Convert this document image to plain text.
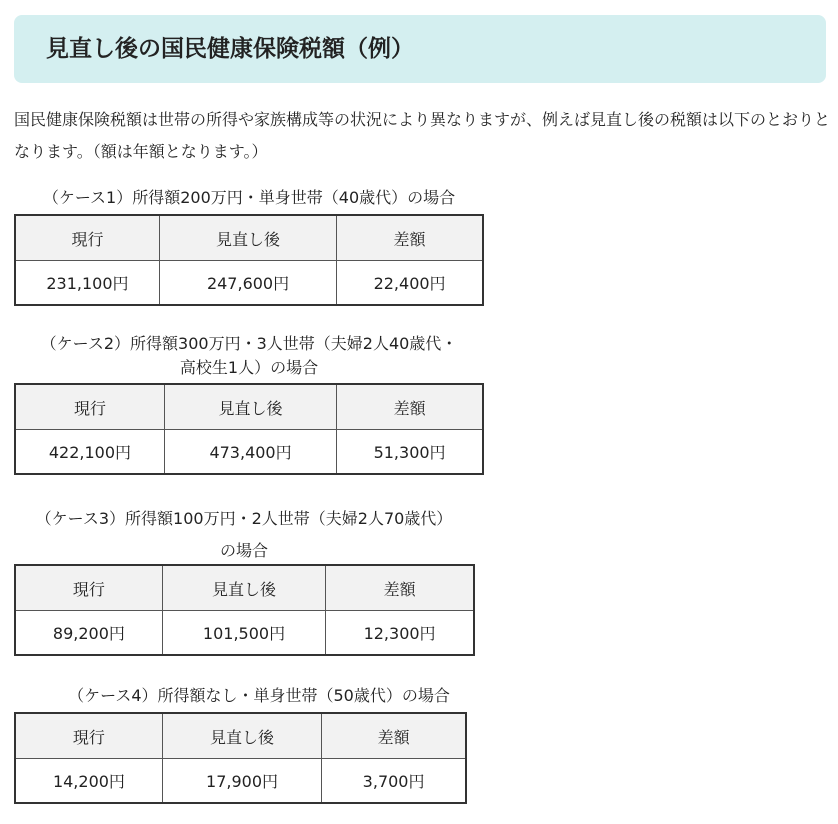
見直し後の国民健康保険税額（例）

国民健康保険税額は世帯の所得や家族構成等の状況により異なりますが、例えば見直し後の税額は以下のとおりとなります。（額は年額となります。）

（ケース1）所得額200万円・単身世帯（40歳代）の場合

現行	見直し後	差額
231,100円	247,600円	22,400円

（ケース2）所得額300万円・3人世帯（夫婦2人40歳代・
高校生1人）の場合

現行	見直し後	差額
422,100円	473,400円	51,300円

（ケース3）所得額100万円・2人世帯（夫婦2人70歳代）
の場合

現行	見直し後	差額
89,200円	101,500円	12,300円

（ケース4）所得額なし・単身世帯（50歳代）の場合

現行	見直し後	差額
14,200円	17,900円	3,700円
